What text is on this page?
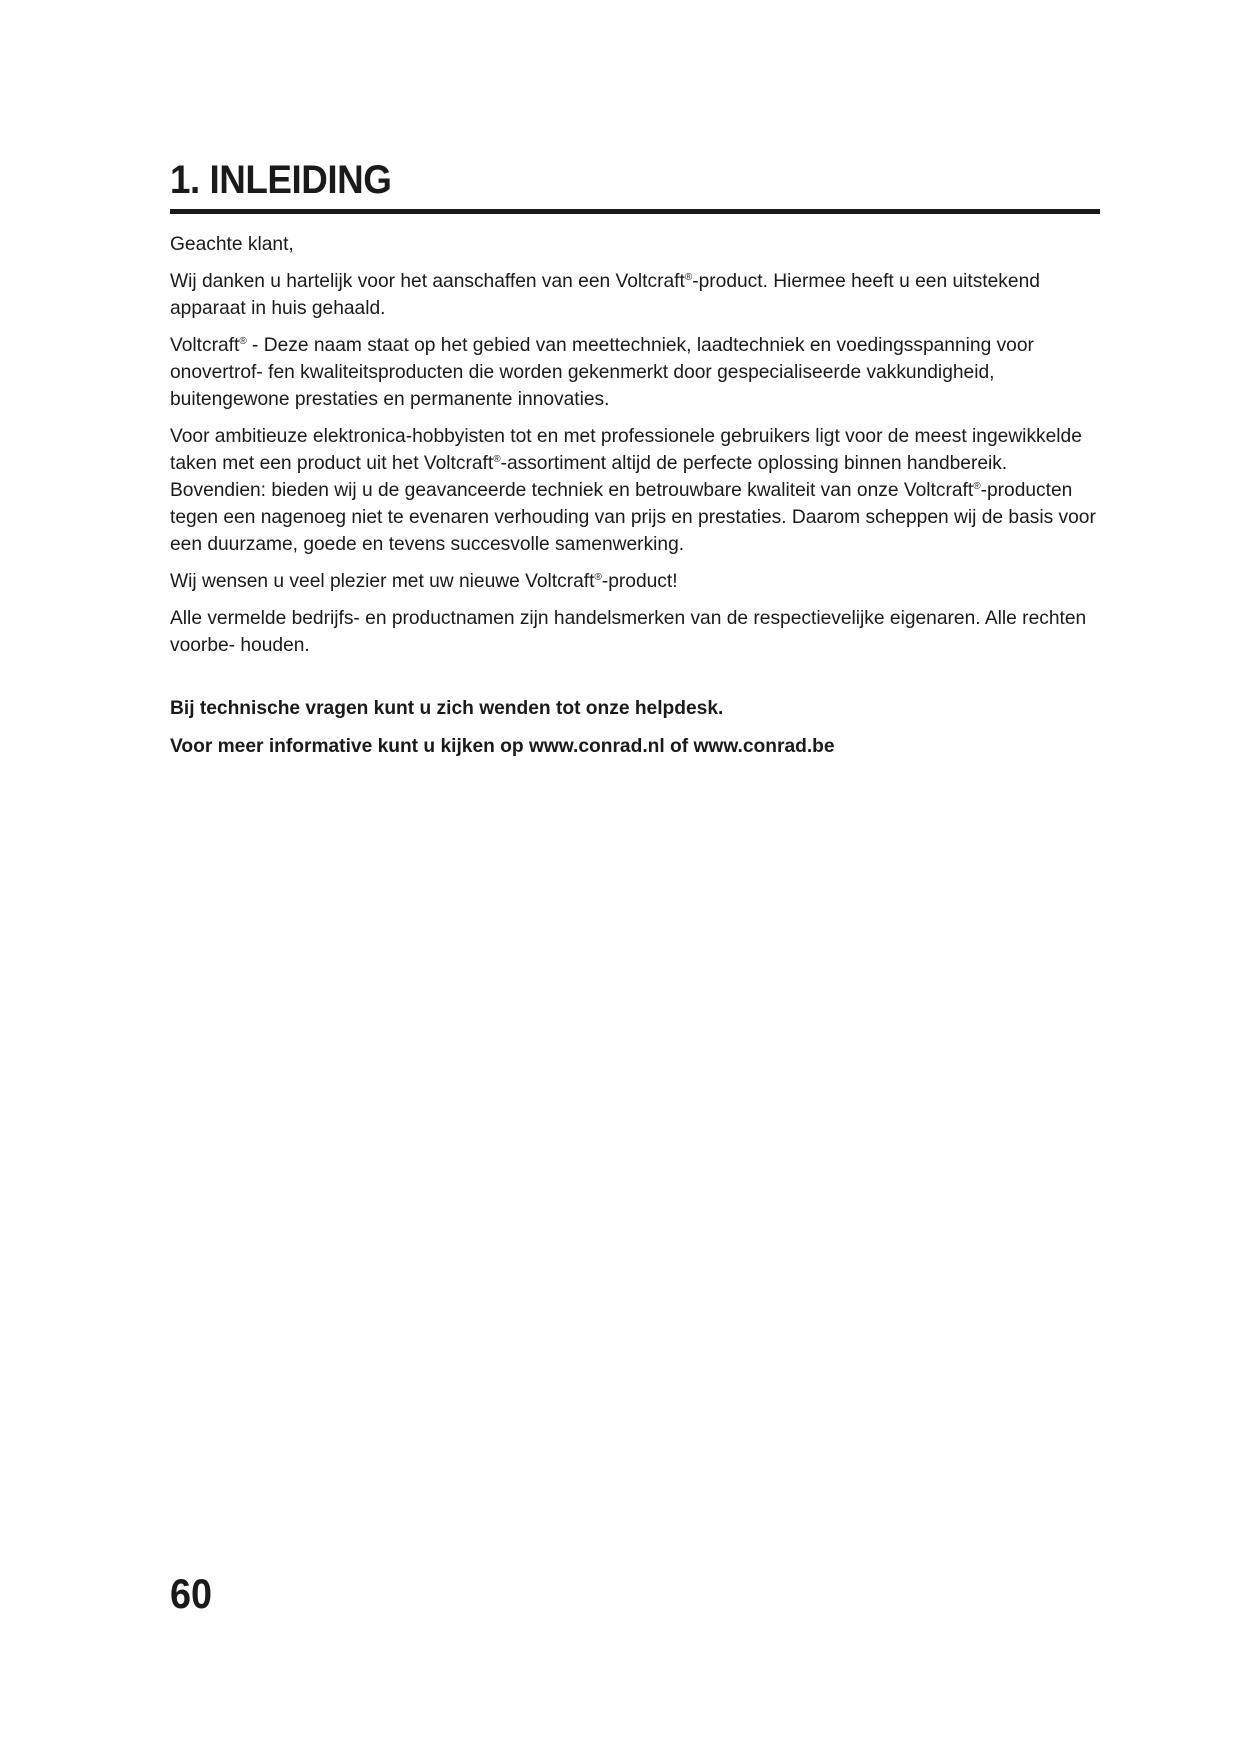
1. INLEIDING

Geachte klant,

Wij danken u hartelijk voor het aanschaffen van een Voltcraft®-product. Hiermee heeft u een uitstekend apparaat in huis gehaald.

Voltcraft® - Deze naam staat op het gebied van meettechniek, laadtechniek en voedingsspanning voor onovertrof- fen kwaliteitsproducten die worden gekenmerkt door gespecialiseerde vakkundigheid, buitengewone prestaties en permanente innovaties.

Voor ambitieuze elektronica-hobbyisten tot en met professionele gebruikers ligt voor de meest ingewikkelde taken met een product uit het Voltcraft®-assortiment altijd de perfecte oplossing binnen handbereik. Bovendien: bieden wij u de geavanceerde techniek en betrouwbare kwaliteit van onze Voltcraft®-producten tegen een nagenoeg niet te evenaren verhouding van prijs en prestaties. Daarom scheppen wij de basis voor een duurzame, goede en tevens succesvolle samenwerking.

Wij wensen u veel plezier met uw nieuwe Voltcraft®-product!

Alle vermelde bedrijfs- en productnamen zijn handelsmerken van de respectievelijke eigenaren. Alle rechten voorbe- houden.

Bij technische vragen kunt u zich wenden tot onze helpdesk.

Voor meer informative kunt u kijken op www.conrad.nl of www.conrad.be

60
